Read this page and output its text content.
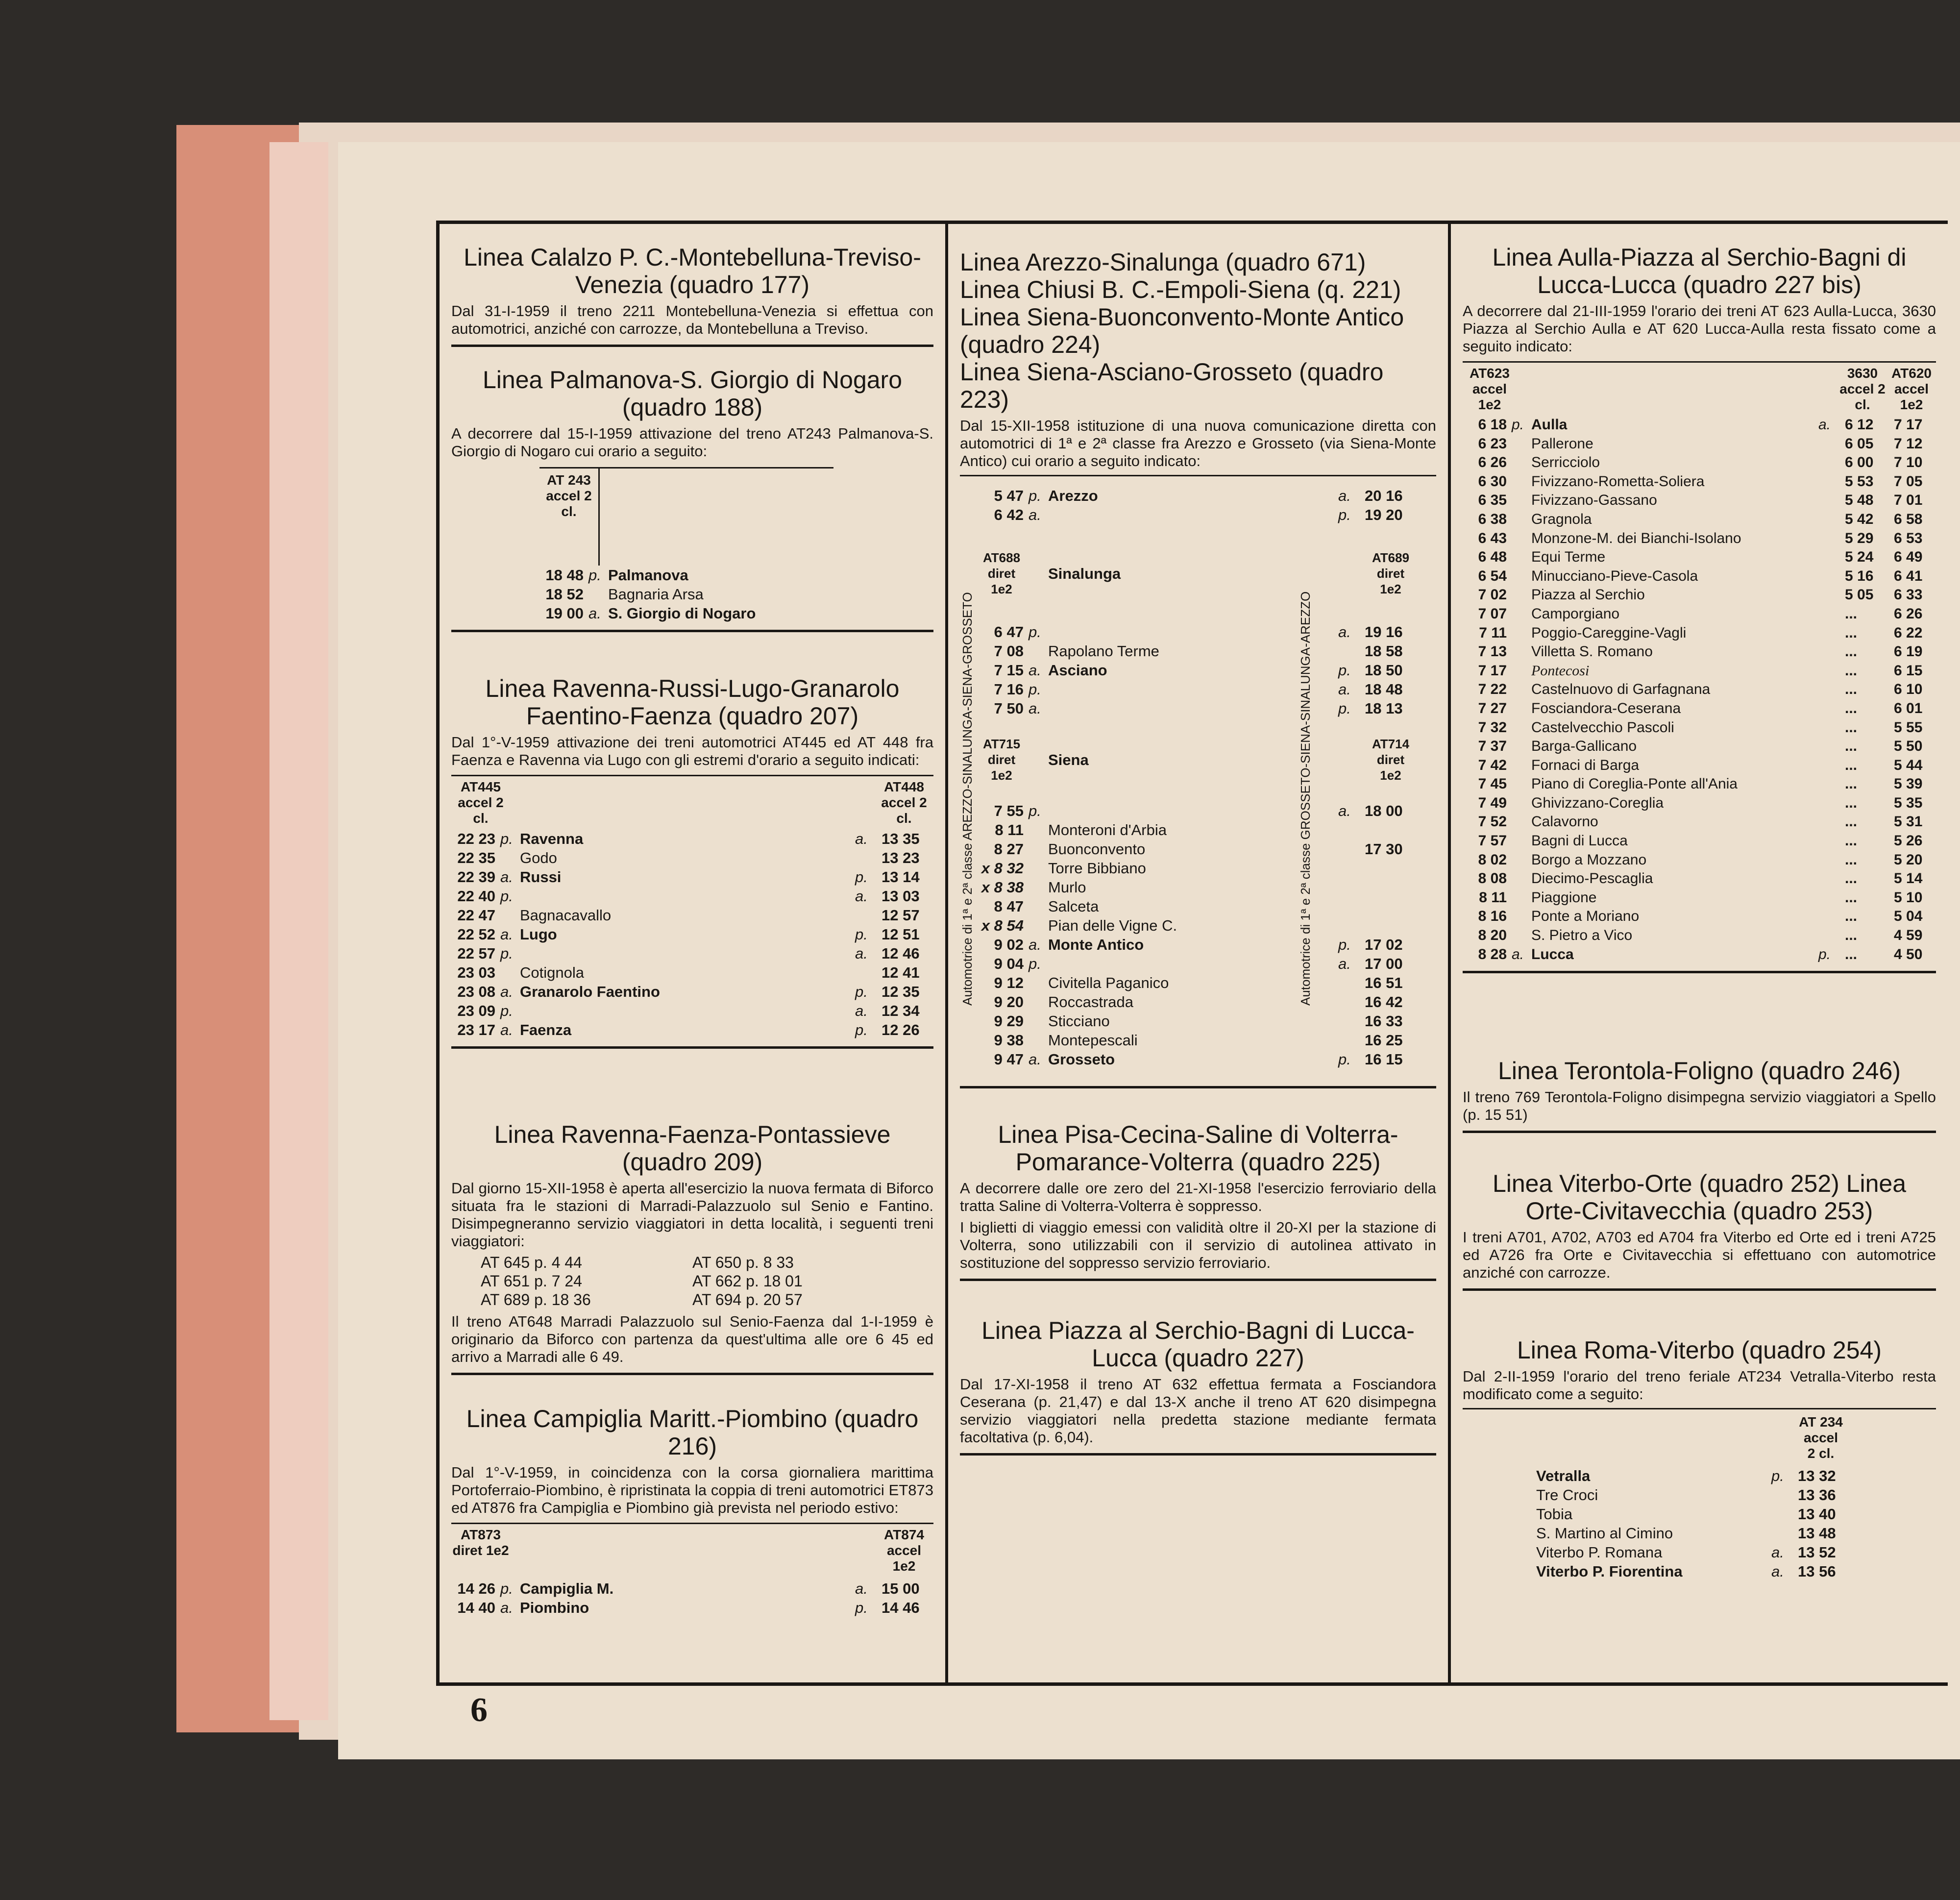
Linea Calalzo P. C.-Montebelluna-Treviso-Venezia (quadro 177)

Dal 31-I-1959 il treno 2211 Montebelluna-Venezia si effettua con automotrici, anziché con carrozze, da Montebelluna a Treviso.

Linea Palmanova-S. Giorgio di Nogaro (quadro 188)

A decorrere dal 15-I-1959 attivazione del treno AT243 Palmanova-S. Giorgio di Nogaro cui orario a seguito:

AT 243 accel 2 cl.
18 48 p. Palmanova
18 52	Bagnaria Arsa
19 00 a. S. Giorgio di Nogaro

Linea Ravenna-Russi-Lugo-Granarolo Faentino-Faenza (quadro 207)

Dal 1°-V-1959 attivazione dei treni automotrici AT445 ed AT 448 fra Faenza e Ravenna via Lugo con gli estremi d'orario a seguito indicati:

AT445 accel 2 cl.
AT448 accel 2 cl.
22 23 p. Ravenna	a. 13 35
22 35	Godo	13 23
22 39 a. Russi	p. 13 14
22 40 p.	a. 13 03
22 47	Bagnacavallo	12 57
22 52 a. Lugo	p. 12 51
22 57 p.	a. 12 46
23 03	Cotignola	12 41
23 08 a. Granarolo Faentino	p. 12 35
23 09 p.	a. 12 34
23 17 a. Faenza	p. 12 26

Linea Ravenna-Faenza-Pontassieve (quadro 209)

Dal giorno 15-XII-1958 è aperta all'esercizio la nuova fermata di Biforco situata fra le stazioni di Marradi-Palazzuolo sul Senio e Fantino. Disimpegneranno servizio viaggiatori in detta località, i seguenti treni viaggiatori:

AT 645 p. 4 44	AT 650 p. 8 33
AT 651 p. 7 24	AT 662 p. 18 01
AT 689 p. 18 36	AT 694 p. 20 57

Il treno AT648 Marradi Palazzuolo sul Senio-Faenza dal 1-I-1959 è originario da Biforco con partenza da quest'ultima alle ore 6 45 ed arrivo a Marradi alle 6 49.

Linea Campiglia Maritt.-Piombino (quadro 216)

Dal 1°-V-1959, in coincidenza con la corsa giornaliera marittima Portoferraio-Piombino, è ripristinata la coppia di treni automotrici ET873 ed AT876 fra Campiglia e Piombino già prevista nel periodo estivo:

AT873 diret 1e2
AT874 accel 1e2
14 26 p. Campiglia M.	a. 15 00
14 40 a. Piombino	p. 14 46

Linea Arezzo-Sinalunga (quadro 671)

Linea Chiusi B. C.-Empoli-Siena (q. 221)

Linea Siena-Buonconvento-Monte Antico (quadro 224)

Linea Siena-Asciano-Grosseto (quadro 223)

Dal 15-XII-1958 istituzione di una nuova comunicazione diretta con automotrici di 1ª e 2ª classe fra Arezzo e Grosseto (via Siena-Monte Antico) cui orario a seguito indicato:

Automotrice di 1ª e 2ª classe AREZZO-SINALUNGA-SIENA-GROSSETO	Automotrice di 1ª e 2ª classe GROSSETO-SIENA-SINALUNGA-AREZZO
5 47 p. Arezzo	a. 20 16
6 42 a.	p. 19 20
AT688 diret 1e2
Sinalunga
AT689 diret 1e2
6 47 p.	a. 19 16
7 08	Rapolano Terme	18 58
7 15 a. Asciano	p. 18 50
7 16 p.	a. 18 48
7 50 a.	p. 18 13
AT715 diret 1e2
Siena
AT714 diret 1e2
7 55 p.	a. 18 00
8 11	Monteroni d'Arbia
8 27	Buonconvento	17 30
x 8 32	Torre Bibbiano
x 8 38	Murlo
8 47	Salceta
x 8 54	Pian delle Vigne C.
9 02 a. Monte Antico	p. 17 02
9 04 p.	a. 17 00
9 12	Civitella Paganico	16 51
9 20	Roccastrada	16 42
9 29	Sticciano	16 33
9 38	Montepescali	16 25
9 47 a. Grosseto	p. 16 15

Linea Pisa-Cecina-Saline di Volterra-Pomarance-Volterra (quadro 225)

A decorrere dalle ore zero del 21-XI-1958 l'esercizio ferroviario della tratta Saline di Volterra-Volterra è soppresso.

I biglietti di viaggio emessi con validità oltre il 20-XI per la stazione di Volterra, sono utilizzabili con il servizio di autolinea attivato in sostituzione del soppresso servizio ferroviario.

Linea Piazza al Serchio-Bagni di Lucca-Lucca (quadro 227)

Dal 17-XI-1958 il treno AT 632 effettua fermata a Fosciandora Ceserana (p. 21,47) e dal 13-X anche il treno AT 620 disimpegna servizio viaggiatori nella predetta stazione mediante fermata facoltativa (p. 6,04).

Linea Aulla-Piazza al Serchio-Bagni di Lucca-Lucca (quadro 227 bis)

A decorrere dal 21-III-1959 l'orario dei treni AT 623 Aulla-Lucca, 3630 Piazza al Serchio Aulla e AT 620 Lucca-Aulla resta fissato come a seguito indicato:

AT623 accel 1e2
3630 accel 2 cl.
AT620 accel 1e2
6 18 p. Aulla	a. 6 12	7 17
6 23	Pallerone	6 05	7 12
6 26	Serricciolo	6 00	7 10
6 30	Fivizzano-Rometta-Soliera	5 53	7 05
6 35	Fivizzano-Gassano	5 48	7 01
6 38	Gragnola	5 42	6 58
6 43	Monzone-M. dei Bianchi-Isolano	5 29	6 53
6 48	Equi Terme	5 24	6 49
6 54	Minucciano-Pieve-Casola	5 16	6 41
7 02	Piazza al Serchio	5 05	6 33
7 07	Camporgiano	...	6 26
7 11	Poggio-Careggine-Vagli	...	6 22
7 13	Villetta S. Romano	...	6 19
7 17	Pontecosi	...	6 15
7 22	Castelnuovo di Garfagnana	...	6 10
7 27	Fosciandora-Ceserana	...	6 01
7 32	Castelvecchio Pascoli	...	5 55
7 37	Barga-Gallicano	...	5 50
7 42	Fornaci di Barga	...	5 44
7 45	Piano di Coreglia-Ponte all'Ania	...	5 39
7 49	Ghivizzano-Coreglia	...	5 35
7 52	Calavorno	...	5 31
7 57	Bagni di Lucca	...	5 26
8 02	Borgo a Mozzano	...	5 20
8 08	Diecimo-Pescaglia	...	5 14
8 11	Piaggione	...	5 10
8 16	Ponte a Moriano	...	5 04
8 20	S. Pietro a Vico	...	4 59
8 28 a. Lucca	p. ...	4 50

Linea Terontola-Foligno (quadro 246)

Il treno 769 Terontola-Foligno disimpegna servizio viaggiatori a Spello (p. 15 51)

Linea Viterbo-Orte (quadro 252) Linea Orte-Civitavecchia (quadro 253)

I treni A701, A702, A703 ed A704 fra Viterbo ed Orte ed i treni A725 ed A726 fra Orte e Civitavecchia si effettuano con automotrice anziché con carrozze.

Linea Roma-Viterbo (quadro 254)

Dal 2-II-1959 l'orario del treno feriale AT234 Vetralla-Viterbo resta modificato come a seguito:

AT 234 accel 2 cl.
Vetralla	p. 13 32
Tre Croci	13 36
Tobia	13 40
S. Martino al Cimino	13 48
Viterbo P. Romana	a. 13 52
Viterbo P. Fiorentina	a. 13 56
6
